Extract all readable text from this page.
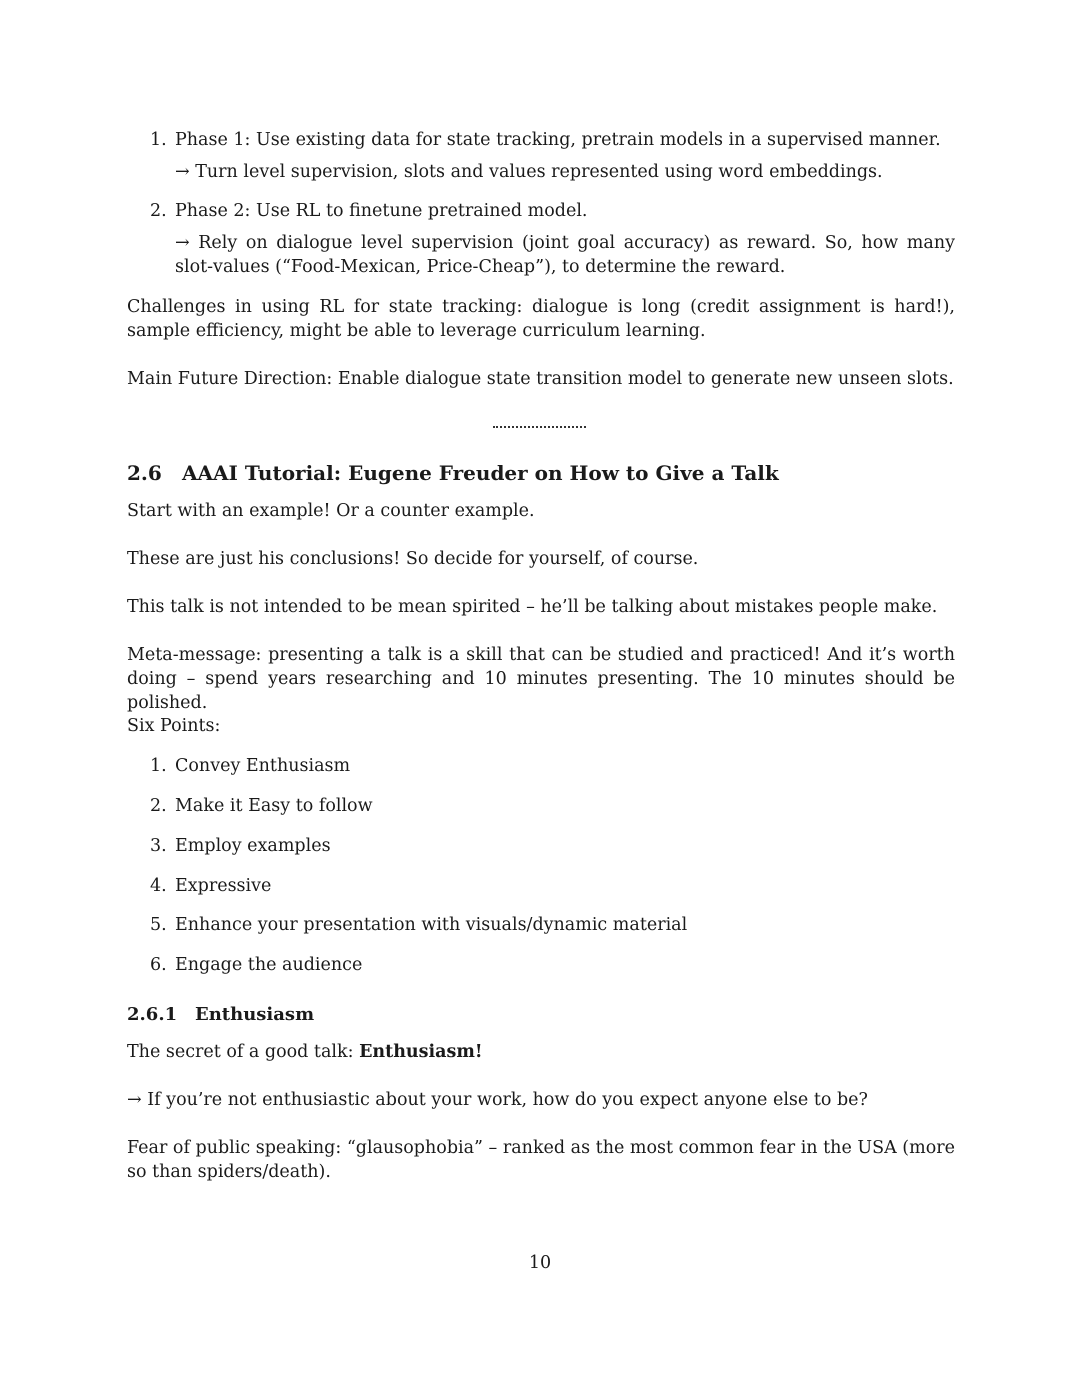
1. Phase 1: Use existing data for state tracking, pretrain models in a supervised manner.

→ Turn level supervision, slots and values represented using word embeddings.

2. Phase 2: Use RL to finetune pretrained model.

→ Rely on dialogue level supervision (joint goal accuracy) as reward. So, how many slot-values (“Food-Mexican, Price-Cheap”), to determine the reward.

Challenges in using RL for state tracking: dialogue is long (credit assignment is hard!), sample efficiency, might be able to leverage curriculum learning.

Main Future Direction: Enable dialogue state transition model to generate new unseen slots.

2.6 AAAI Tutorial: Eugene Freuder on How to Give a Talk

Start with an example! Or a counter example.

These are just his conclusions! So decide for yourself, of course.

This talk is not intended to be mean spirited – he’ll be talking about mistakes people make.

Meta-message: presenting a talk is a skill that can be studied and practiced! And it’s worth doing – spend years researching and 10 minutes presenting. The 10 minutes should be polished.

Six Points:

1. Convey Enthusiasm

2. Make it Easy to follow

3. Employ examples

4. Expressive

5. Enhance your presentation with visuals/dynamic material

6. Engage the audience

2.6.1 Enthusiasm

The secret of a good talk: Enthusiasm!

→ If you’re not enthusiastic about your work, how do you expect anyone else to be?

Fear of public speaking: “glausophobia” – ranked as the most common fear in the USA (more so than spiders/death).

10
